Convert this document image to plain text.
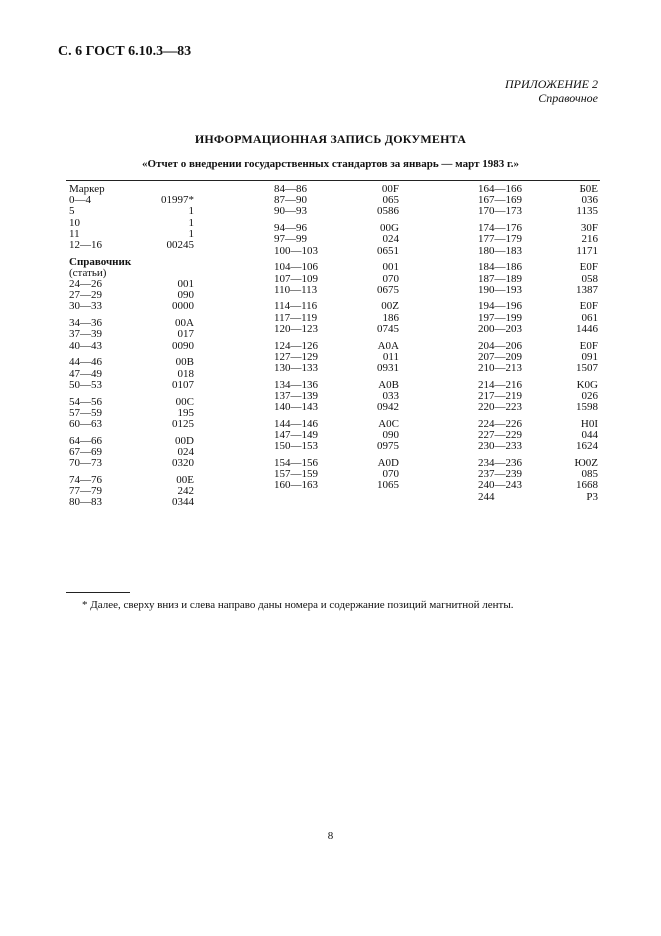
С. 6 ГОСТ 6.10.3—83
ПРИЛОЖЕНИЕ 2
Справочное
ИНФОРМАЦИОННАЯ ЗАПИСЬ ДОКУМЕНТА
«Отчет о внедрении государственных стандартов за январь — март 1983 г.»
Маркер
0—4	01997*
5	1
10	1
11	1
12—16	00245
Справочник
(статьи)
24—26	001
27—29	090
30—33	0000
34—36	00A
37—39	017
40—43	0090
44—46	00B
47—49	018
50—53	0107
54—56	00C
57—59	195
60—63	0125
64—66	00D
67—69	024
70—73	0320
74—76	00E
77—79	242
80—83	0344
84—86	00F
87—90	065
90—93	0586
94—96	00G
97—99	024
100—103	0651
104—106	001
107—109	070
110—113	0675
114—116	00Z
117—119	186
120—123	0745
124—126	A0A
127—129	011
130—133	0931
134—136	A0B
137—139	033
140—143	0942
144—146	A0C
147—149	090
150—153	0975
154—156	A0D
157—159	070
160—163	1065
164—166	Б0Е
167—169	036
170—173	1135
174—176	30F
177—179	216
180—183	1171
184—186	E0F
187—189	058
190—193	1387
194—196	E0F
197—199	061
200—203	1446
204—206	E0F
207—209	091
210—213	1507
214—216	K0G
217—219	026
220—223	1598
224—226	H0I
227—229	044
230—233	1624
234—236	Ю0Z
237—239	085
240—243	1668
244	P3
* Далее, сверху вниз и слева направо даны номера и содержание позиций магнитной ленты.
8
